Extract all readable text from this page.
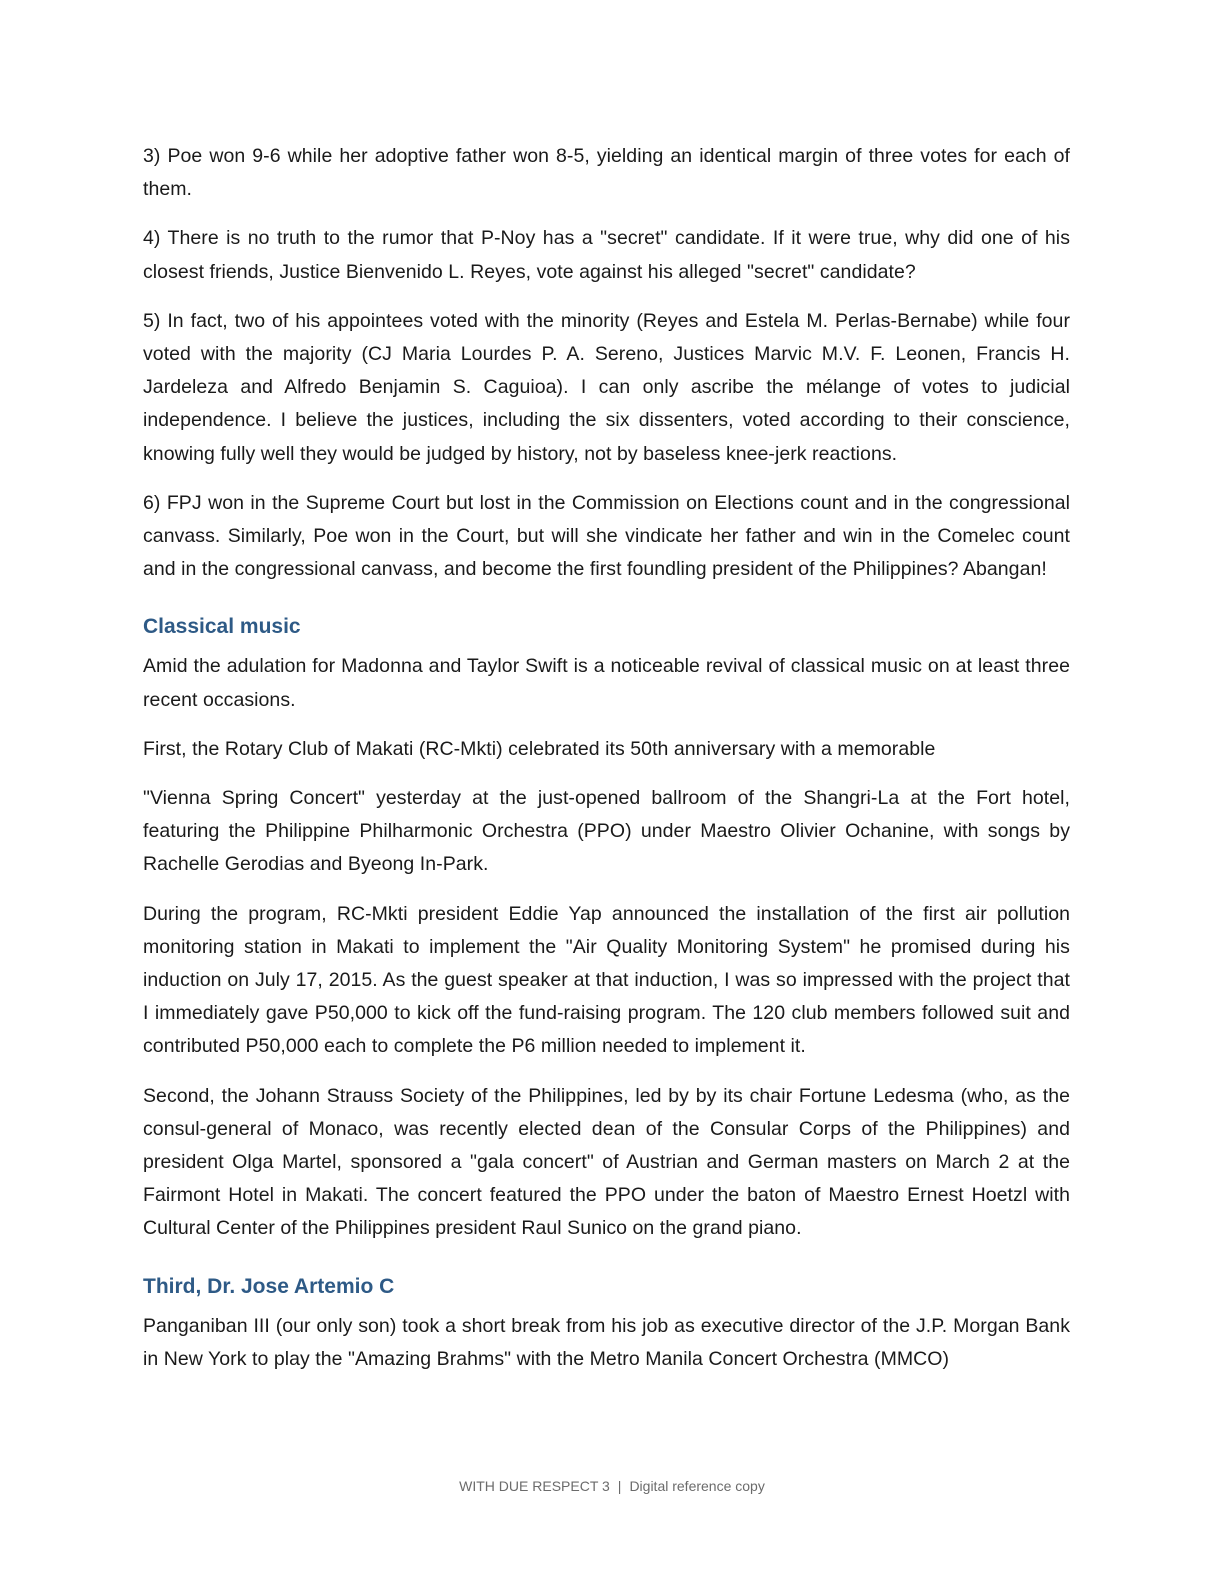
3) Poe won 9-6 while her adoptive father won 8-5, yielding an identical margin of three votes for each of them.

4) There is no truth to the rumor that P-Noy has a "secret" candidate. If it were true, why did one of his closest friends, Justice Bienvenido L. Reyes, vote against his alleged "secret" candidate?

5) In fact, two of his appointees voted with the minority (Reyes and Estela M. Perlas-Bernabe) while four voted with the majority (CJ Maria Lourdes P. A. Sereno, Justices Marvic M.V. F. Leonen, Francis H. Jardeleza and Alfredo Benjamin S. Caguioa). I can only ascribe the mélange of votes to judicial independence. I believe the justices, including the six dissenters, voted according to their conscience, knowing fully well they would be judged by history, not by baseless knee-jerk reactions.

6) FPJ won in the Supreme Court but lost in the Commission on Elections count and in the congressional canvass. Similarly, Poe won in the Court, but will she vindicate her father and win in the Comelec count and in the congressional canvass, and become the first foundling president of the Philippines? Abangan!

Classical music

Amid the adulation for Madonna and Taylor Swift is a noticeable revival of classical music on at least three recent occasions.

First, the Rotary Club of Makati (RC-Mkti) celebrated its 50th anniversary with a memorable

"Vienna Spring Concert" yesterday at the just-opened ballroom of the Shangri-La at the Fort hotel, featuring the Philippine Philharmonic Orchestra (PPO) under Maestro Olivier Ochanine, with songs by Rachelle Gerodias and Byeong In-Park.

During the program, RC-Mkti president Eddie Yap announced the installation of the first air pollution monitoring station in Makati to implement the "Air Quality Monitoring System" he promised during his induction on July 17, 2015. As the guest speaker at that induction, I was so impressed with the project that I immediately gave P50,000 to kick off the fund-raising program. The 120 club members followed suit and contributed P50,000 each to complete the P6 million needed to implement it.

Second, the Johann Strauss Society of the Philippines, led by by its chair Fortune Ledesma (who, as the consul-general of Monaco, was recently elected dean of the Consular Corps of the Philippines) and president Olga Martel, sponsored a "gala concert" of Austrian and German masters on March 2 at the Fairmont Hotel in Makati. The concert featured the PPO under the baton of Maestro Ernest Hoetzl with Cultural Center of the Philippines president Raul Sunico on the grand piano.

Third, Dr. Jose Artemio C

Panganiban III (our only son) took a short break from his job as executive director of the J.P. Morgan Bank in New York to play the "Amazing Brahms" with the Metro Manila Concert Orchestra (MMCO)

WITH DUE RESPECT 3 | Digital reference copy
